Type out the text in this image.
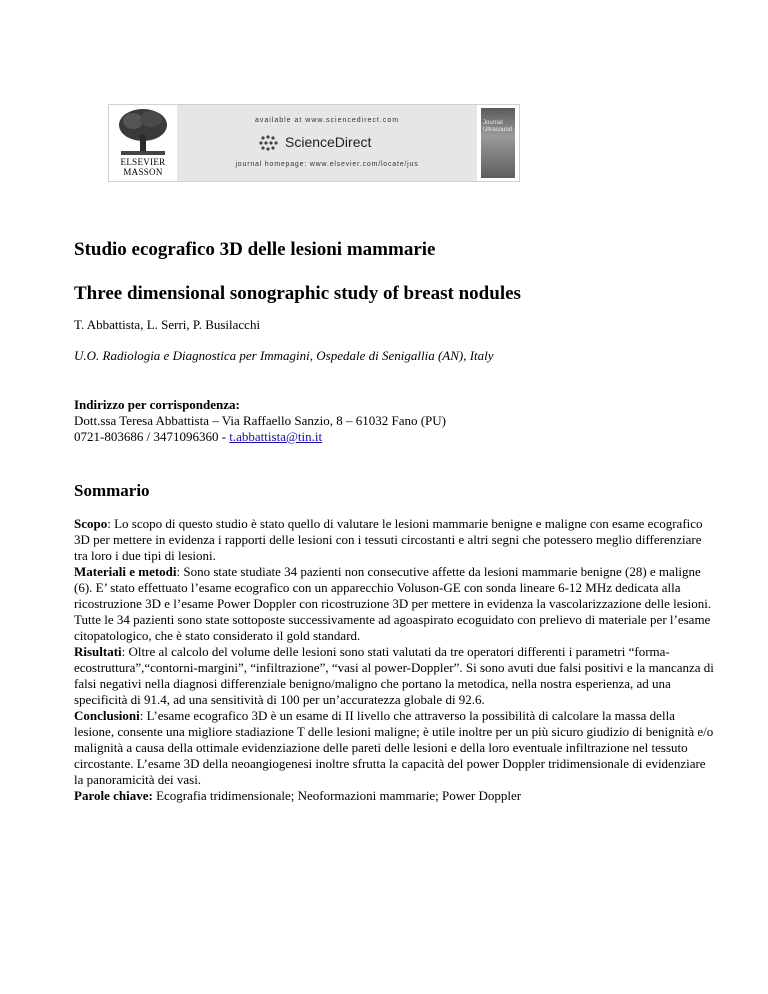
ELSEVIER
MASSON
available at www.sciencedirect.com
ScienceDirect
journal homepage: www.elsevier.com/locate/jus
Journal Ultrasound
Studio ecografico 3D delle lesioni mammarie
Three dimensional sonographic study of breast nodules
T. Abbattista, L. Serri, P. Busilacchi
U.O. Radiologia e Diagnostica per Immagini, Ospedale di Senigallia (AN), Italy
Indirizzo per corrispondenza:
Dott.ssa Teresa Abbattista – Via Raffaello Sanzio, 8 – 61032 Fano (PU)
0721-803686 / 3471096360 - t.abbattista@tin.it
Sommario

Scopo: Lo scopo di questo studio è stato quello di valutare le lesioni mammarie benigne e maligne con esame ecografico 3D per mettere in evidenza i rapporti delle lesioni con i tessuti circostanti e altri segni che potessero meglio differenziare tra loro i due tipi di lesioni.

Materiali e metodi: Sono state studiate 34 pazienti non consecutive affette da lesioni mammarie benigne (28) e maligne (6). E’ stato effettuato l’esame ecografico con un apparecchio Voluson-GE con sonda lineare 6-12 MHz dedicata alla ricostruzione 3D e l’esame Power Doppler con ricostruzione 3D per mettere in evidenza la vascolarizzazione delle lesioni. Tutte le 34 pazienti sono state sottoposte successivamente ad agoaspirato ecoguidato con prelievo di materiale per l’esame citopatologico, che è stato considerato il gold standard.

Risultati: Oltre al calcolo del volume delle lesioni sono stati valutati da tre operatori differenti i parametri “forma-ecostruttura”,“contorni-margini”, “infiltrazione”, “vasi al power-Doppler”. Si sono avuti due falsi positivi e la mancanza di falsi negativi nella diagnosi differenziale benigno/maligno che portano la metodica, nella nostra esperienza, ad una specificità di 91.4, ad una sensitività di 100 per un’accuratezza globale di 92.6.

Conclusioni: L’esame ecografico 3D è un esame di II livello che attraverso la possibilità di calcolare la massa della lesione, consente una migliore stadiazione T delle lesioni maligne; è utile inoltre per un più sicuro giudizio di benignità e/o malignità a causa della ottimale evidenziazione delle pareti delle lesioni e della loro eventuale infiltrazione nel tessuto circostante. L’esame 3D della neoangiogenesi inoltre sfrutta la capacità del power Doppler tridimensionale di evidenziare la panoramicità dei vasi.

Parole chiave: Ecografia tridimensionale; Neoformazioni mammarie; Power Doppler
